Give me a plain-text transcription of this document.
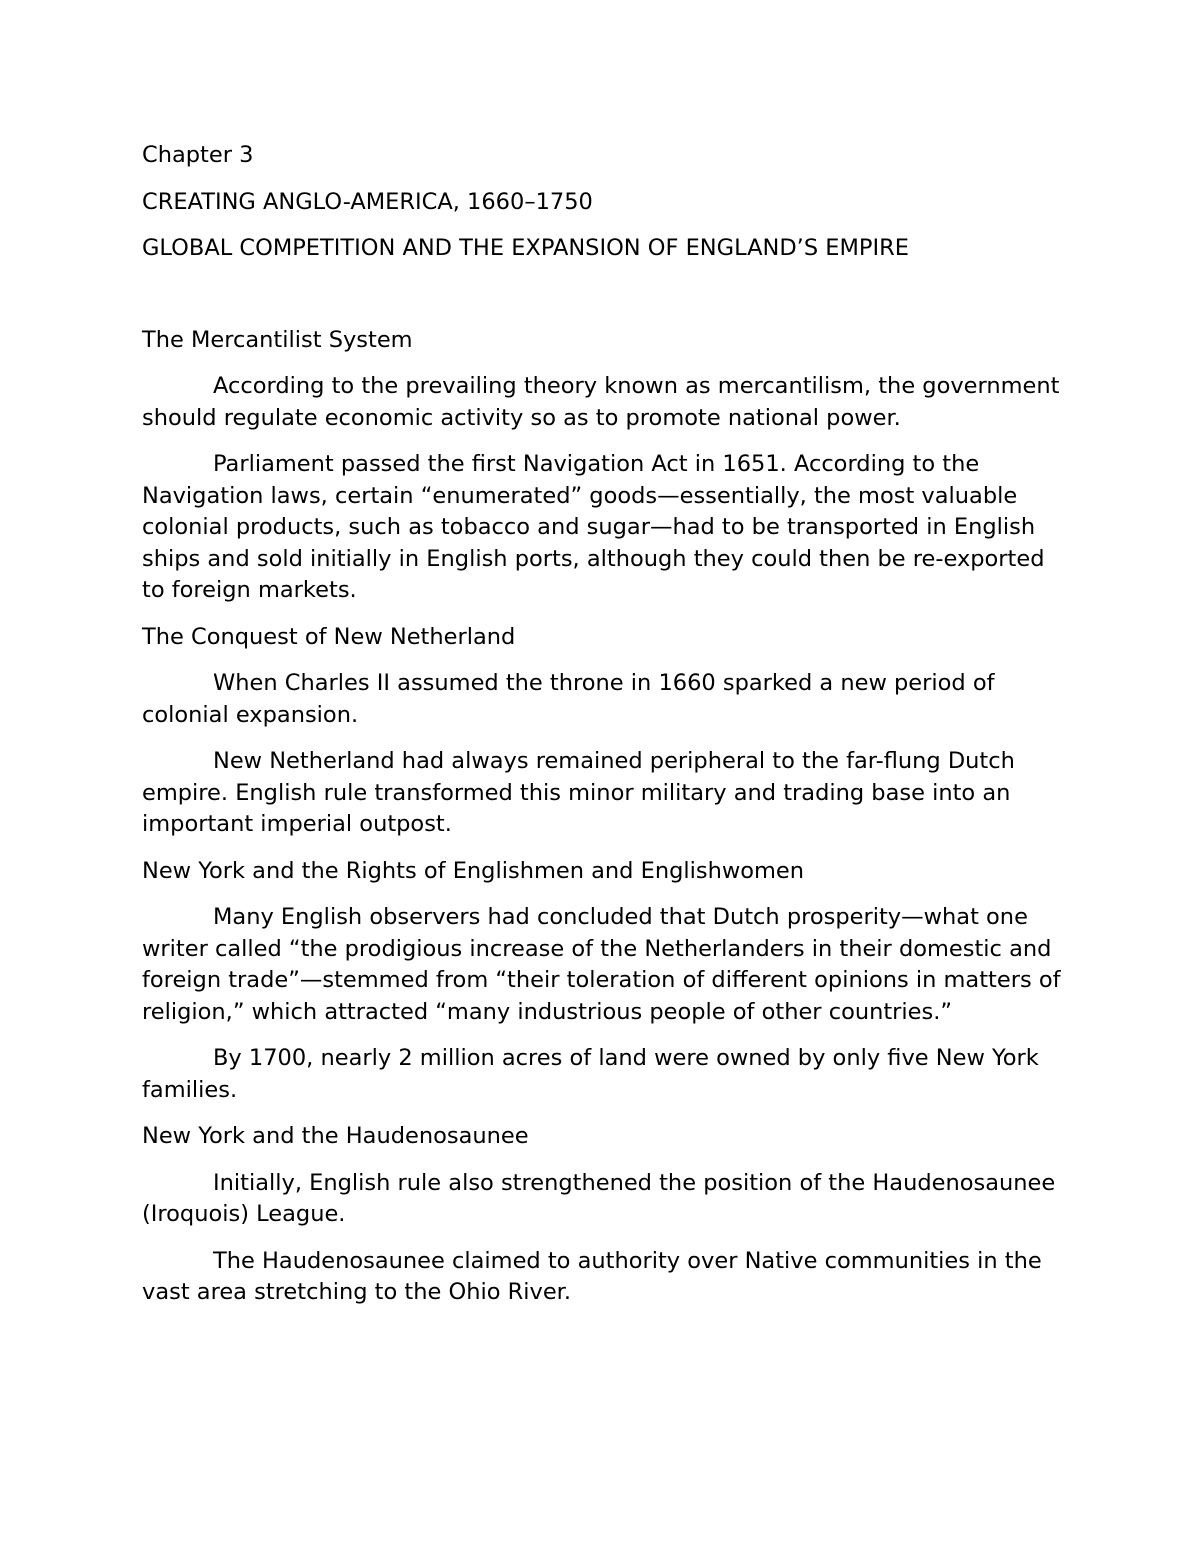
Chapter 3

CREATING ANGLO-AMERICA, 1660–1750

GLOBAL COMPETITION AND THE EXPANSION OF ENGLAND’S EMPIRE

The Mercantilist System

According to the prevailing theory known as mercantilism, the government should regulate economic activity so as to promote national power.

Parliament passed the first Navigation Act in 1651. According to the Navigation laws, certain “enumerated” goods—essentially, the most valuable colonial products, such as tobacco and sugar—had to be transported in English ships and sold initially in English ports, although they could then be re-exported to foreign markets.

The Conquest of New Netherland

When Charles II assumed the throne in 1660 sparked a new period of colonial expansion.

New Netherland had always remained peripheral to the far-flung Dutch empire. English rule transformed this minor military and trading base into an important imperial outpost.

New York and the Rights of Englishmen and Englishwomen

Many English observers had concluded that Dutch prosperity—what one writer called “the prodigious increase of the Netherlanders in their domestic and foreign trade”—stemmed from “their toleration of different opinions in matters of religion,” which attracted “many industrious people of other countries.”

By 1700, nearly 2 million acres of land were owned by only five New York families.

New York and the Haudenosaunee

Initially, English rule also strengthened the position of the Haudenosaunee (Iroquois) League.

The Haudenosaunee claimed to authority over Native communities in the vast area stretching to the Ohio River.
